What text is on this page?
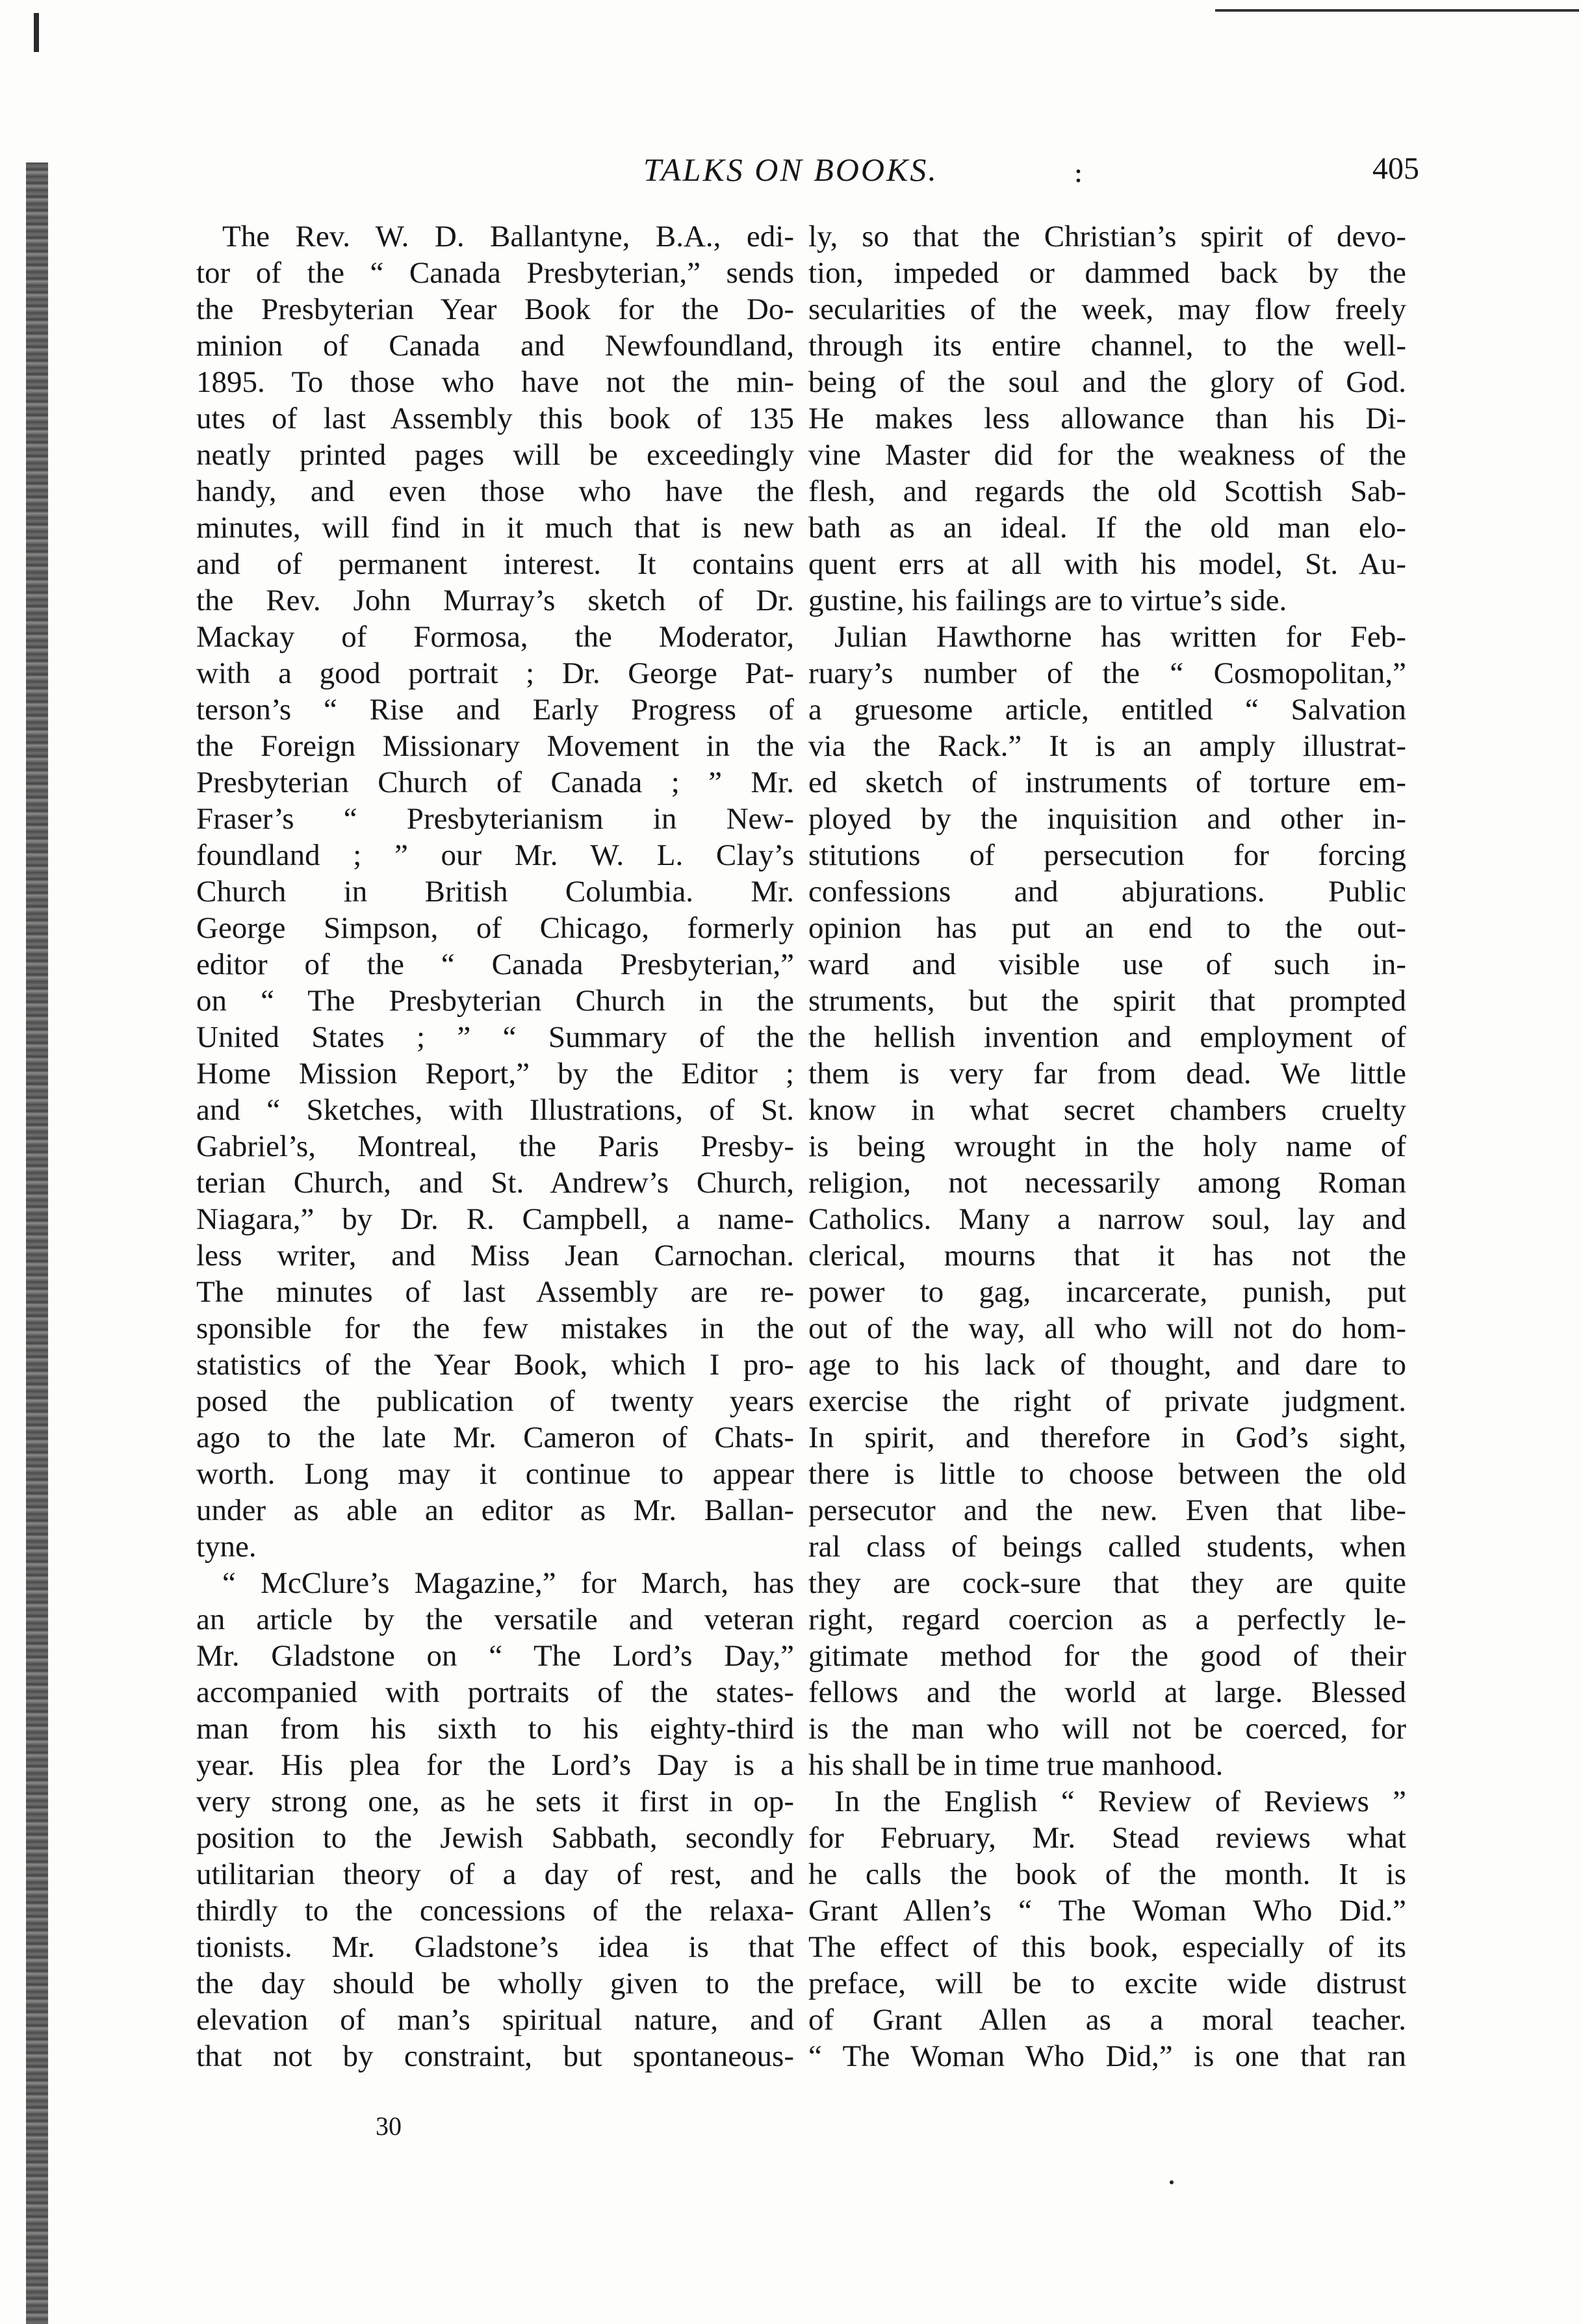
TALKS ON BOOKS.	:	405
The Rev. W. D. Ballantyne, B.A., edi-
tor of the “ Canada Presbyterian,” sends
the Presbyterian Year Book for the Do-
minion of Canada and Newfoundland,
1895. To those who have not the min-
utes of last Assembly this book of 135
neatly printed pages will be exceedingly
handy, and even those who have the
minutes, will find in it much that is new
and of permanent interest. It contains
the Rev. John Murray’s sketch of Dr.
Mackay of Formosa, the Moderator,
with a good portrait ; Dr. George Pat-
terson’s “ Rise and Early Progress of
the Foreign Missionary Movement in the
Presbyterian Church of Canada ; ” Mr.
Fraser’s “ Presbyterianism in New-
foundland ; ” our Mr. W. L. Clay’s
Church in British Columbia. Mr.
George Simpson, of Chicago, formerly
editor of the “ Canada Presbyterian,”
on “ The Presbyterian Church in the
United States ; ” “ Summary of the
Home Mission Report,” by the Editor ;
and “ Sketches, with Illustrations, of St.
Gabriel’s, Montreal, the Paris Presby-
terian Church, and St. Andrew’s Church,
Niagara,” by Dr. R. Campbell, a name-
less writer, and Miss Jean Carnochan.
The minutes of last Assembly are re-
sponsible for the few mistakes in the
statistics of the Year Book, which I pro-
posed the publication of twenty years
ago to the late Mr. Cameron of Chats-
worth. Long may it continue to appear
under as able an editor as Mr. Ballan-
tyne.
“ McClure’s Magazine,” for March, has
an article by the versatile and veteran
Mr. Gladstone on “ The Lord’s Day,”
accompanied with portraits of the states-
man from his sixth to his eighty-third
year. His plea for the Lord’s Day is a
very strong one, as he sets it first in op-
position to the Jewish Sabbath, secondly
utilitarian theory of a day of rest, and
thirdly to the concessions of the relaxa-
tionists. Mr. Gladstone’s idea is that
the day should be wholly given to the
elevation of man’s spiritual nature, and
that not by constraint, but spontaneous-
ly, so that the Christian’s spirit of devo-
tion, impeded or dammed back by the
secularities of the week, may flow freely
through its entire channel, to the well-
being of the soul and the glory of God.
He makes less allowance than his Di-
vine Master did for the weakness of the
flesh, and regards the old Scottish Sab-
bath as an ideal. If the old man elo-
quent errs at all with his model, St. Au-
gustine, his failings are to virtue’s side.
Julian Hawthorne has written for Feb-
ruary’s number of the “ Cosmopolitan,”
a gruesome article, entitled “ Salvation
via the Rack.” It is an amply illustrat-
ed sketch of instruments of torture em-
ployed by the inquisition and other in-
stitutions of persecution for forcing
confessions and abjurations. Public
opinion has put an end to the out-
ward and visible use of such in-
struments, but the spirit that prompted
the hellish invention and employment of
them is very far from dead. We little
know in what secret chambers cruelty
is being wrought in the holy name of
religion, not necessarily among Roman
Catholics. Many a narrow soul, lay and
clerical, mourns that it has not the
power to gag, incarcerate, punish, put
out of the way, all who will not do hom-
age to his lack of thought, and dare to
exercise the right of private judgment.
In spirit, and therefore in God’s sight,
there is little to choose between the old
persecutor and the new. Even that libe-
ral class of beings called students, when
they are cock-sure that they are quite
right, regard coercion as a perfectly le-
gitimate method for the good of their
fellows and the world at large. Blessed
is the man who will not be coerced, for
his shall be in time true manhood.
In the English “ Review of Reviews ”
for February, Mr. Stead reviews what
he calls the book of the month. It is
Grant Allen’s “ The Woman Who Did.”
The effect of this book, especially of its
preface, will be to excite wide distrust
of Grant Allen as a moral teacher.
“ The Woman Who Did,” is one that ran
30
